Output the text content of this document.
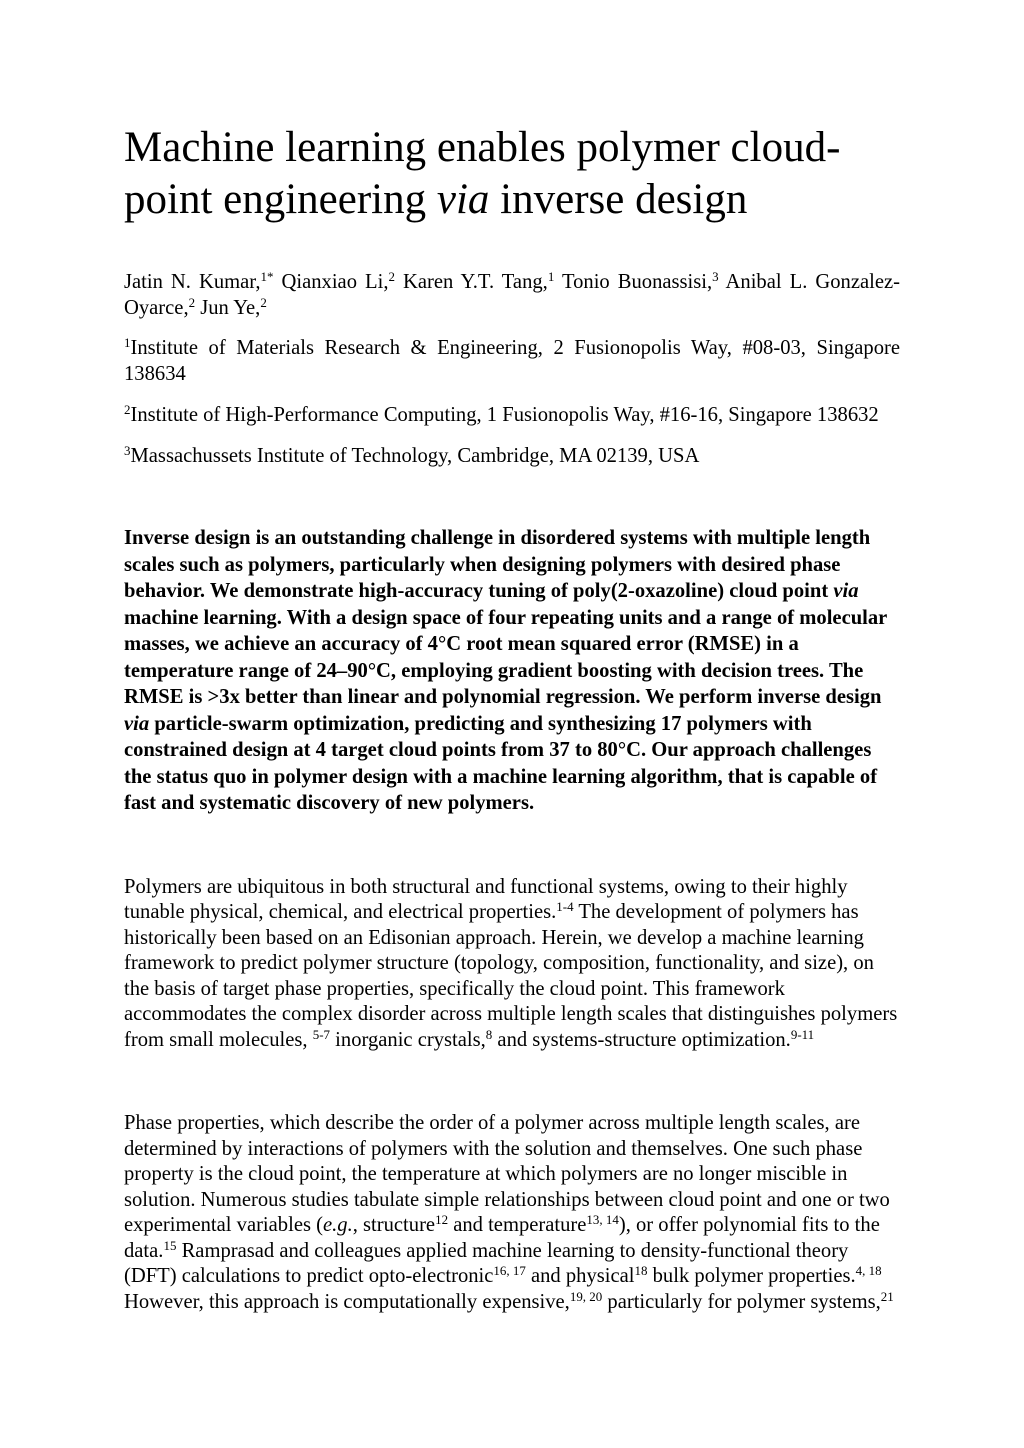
Machine learning enables polymer cloud-point engineering via inverse design

Jatin N. Kumar,$^{1*}$ Qianxiao Li,$^2$ Karen Y.T. Tang,$^1$ Tonio Buonassisi,$^3$ Anibal L. Gonzalez-Oyarce,$^2$ Jun Ye,$^2$

$^1$Institute of Materials Research & Engineering, 2 Fusionopolis Way, #08-03, Singapore 138634

$^2$Institute of High-Performance Computing, 1 Fusionopolis Way, #16-16, Singapore 138632

$^3$Massachussets Institute of Technology, Cambridge, MA 02139, USA

Inverse design is an outstanding challenge in disordered systems with multiple length scales such as polymers, particularly when designing polymers with desired phase behavior. We demonstrate high-accuracy tuning of poly(2-oxazoline) cloud point via machine learning. With a design space of four repeating units and a range of molecular masses, we achieve an accuracy of 4°C root mean squared error (RMSE) in a temperature range of 24–90°C, employing gradient boosting with decision trees. The RMSE is >3x better than linear and polynomial regression. We perform inverse design via particle-swarm optimization, predicting and synthesizing 17 polymers with constrained design at 4 target cloud points from 37 to 80°C. Our approach challenges the status quo in polymer design with a machine learning algorithm, that is capable of fast and systematic discovery of new polymers.

Polymers are ubiquitous in both structural and functional systems, owing to their highly tunable physical, chemical, and electrical properties.$^{1-4}$ The development of polymers has historically been based on an Edisonian approach. Herein, we develop a machine learning framework to predict polymer structure (topology, composition, functionality, and size), on the basis of target phase properties, specifically the cloud point. This framework accommodates the complex disorder across multiple length scales that distinguishes polymers from small molecules, $^{5-7}$ inorganic crystals,$^8$ and systems-structure optimization.$^{9-11}$

Phase properties, which describe the order of a polymer across multiple length scales, are determined by interactions of polymers with the solution and themselves. One such phase property is the cloud point, the temperature at which polymers are no longer miscible in solution. Numerous studies tabulate simple relationships between cloud point and one or two experimental variables (e.g., structure$^{12}$ and temperature$^{13, 14}$), or offer polynomial fits to the data.$^{15}$ Ramprasad and colleagues applied machine learning to density-functional theory (DFT) calculations to predict opto-electronic$^{16, 17}$ and physical$^{18}$ bulk polymer properties.$^{4, 18}$ However, this approach is computationally expensive,$^{19, 20}$ particularly for polymer systems,$^{21}$
